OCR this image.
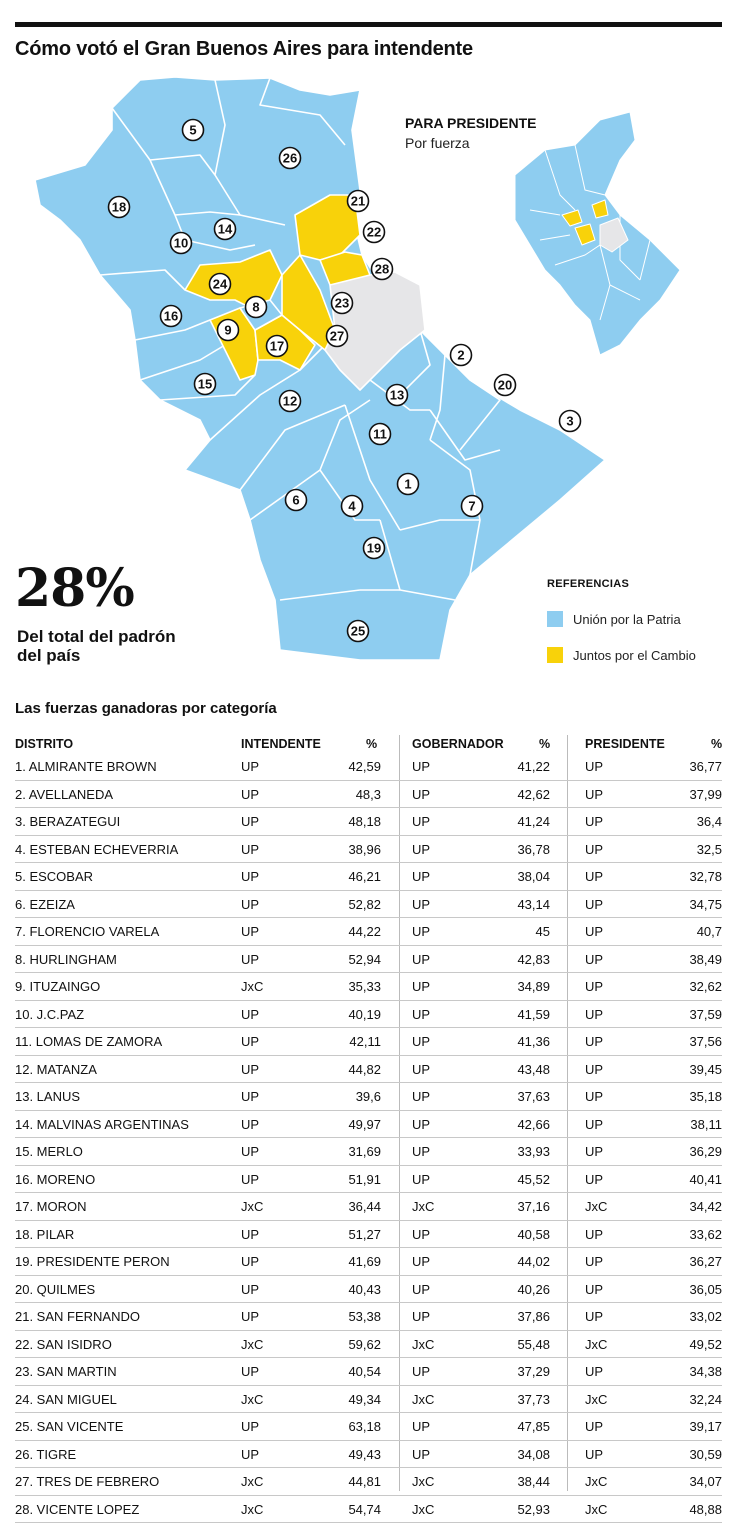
Cómo votó el Gran Buenos Aires para intendente
1
2
3
4
5
6	7
8
9
10
11
12	13
14
15
16
17
18
19
20
21
22
23
24
25
26
27
28
PARA PRESIDENTE
Por fuerza
28%
Del total del padrón del país
REFERENCIAS
Unión por la Patria
Juntos por el Cambio
Las fuerzas ganadoras por categoría
DISTRITO	INTENDENTE	%	GOBERNADOR	%	PRESIDENTE	%
1. ALMIRANTE BROWN	UP	42,59 UP	41,22	UP	36,77
2. AVELLANEDA	UP	48,3 UP	42,62	UP	37,99
3. BERAZATEGUI	UP	48,18 UP	41,24	UP	36,4
4. ESTEBAN ECHEVERRIA	UP	38,96 UP	36,78	UP	32,5
5. ESCOBAR	UP	46,21 UP	38,04	UP	32,78
6. EZEIZA	UP	52,82 UP	43,14	UP	34,75
7. FLORENCIO VARELA	UP	44,22 UP	45	UP	40,7
8. HURLINGHAM	UP	52,94 UP	42,83	UP	38,49
9. ITUZAINGO	JxC	35,33 UP	34,89	UP	32,62
10. J.C.PAZ	UP	40,19 UP	41,59	UP	37,59
11. LOMAS DE ZAMORA	UP	42,11 UP	41,36	UP	37,56
12. MATANZA	UP	44,82 UP	43,48	UP	39,45
13. LANUS	UP	39,6 UP	37,63	UP	35,18
14. MALVINAS ARGENTINAS	UP	49,97 UP	42,66	UP	38,11
15. MERLO	UP	31,69 UP	33,93	UP	36,29
16. MORENO	UP	51,91 UP	45,52	UP	40,41
17. MORON	JxC	36,44 JxC	37,16	JxC	34,42
18. PILAR	UP	51,27 UP	40,58	UP	33,62
19. PRESIDENTE PERON	UP	41,69 UP	44,02	UP	36,27
20. QUILMES	UP	40,43 UP	40,26	UP	36,05
21. SAN FERNANDO	UP	53,38 UP	37,86	UP	33,02
22. SAN ISIDRO	JxC	59,62 JxC	55,48	JxC	49,52
23. SAN MARTIN	UP	40,54 UP	37,29	UP	34,38
24. SAN MIGUEL	JxC	49,34 JxC	37,73	JxC	32,24
25. SAN VICENTE	UP	63,18 UP	47,85	UP	39,17
26. TIGRE	UP	49,43 UP	34,08	UP	30,59
27. TRES DE FEBRERO	JxC	44,81 JxC	38,44	JxC	34,07
28. VICENTE LOPEZ	JxC	54,74 JxC	52,93	JxC	48,88
